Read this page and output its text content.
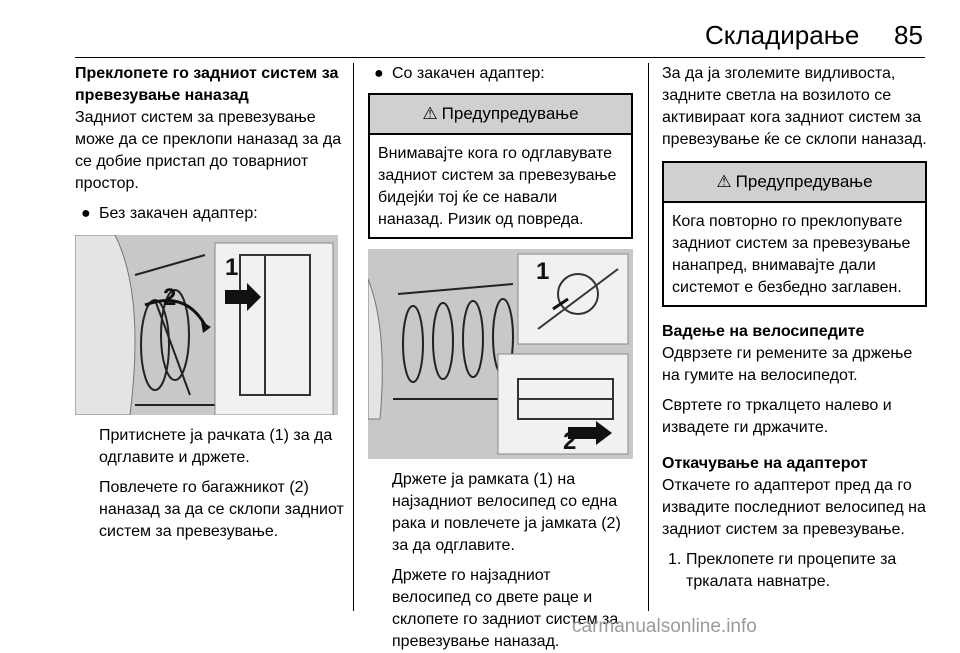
Складирање 85

Преклопете го задниот систем за превезување наназад

Задниот систем за превезување може да се преклопи наназад за да се добие пристап до товарниот простор.

● Без закачен адаптер:
1
2

Притиснете ја рачката (1) за да одглавите и држете.

Повлечете го багажникот (2) наназад за да се склопи задниот систем за превезување.

● Со закачен адаптер:
⚠ Предупредување
Внимавајте кога го одглавувате задниот систем за превезување бидејќи тој ќе се навали наназад. Ризик од повреда.
1
2

Држете ја рамката (1) на најзадниот велосипед со една рака и повлечете ја јамката (2) за да одглавите.

Држете го најзадниот велосипед со двете раце и склопете го задниот систем за превезување наназад.

За да ја зголемите видливоста, задните светла на возилото се активираат кога задниот систем за превезување ќе се склопи наназад.

⚠ Предупредување
Кога повторно го преклопувате задниот систем за превезување нанапред, внимавајте дали системот е безбедно заглавен.

Вадење на велосипедите

Одврзете ги ремените за држење на гумите на велосипедот.

Свртете го тркалцето налево и извадете ги држачите.

Откачување на адаптерот

Откачете го адаптерот пред да го извадите последниот велосипед на задниот систем за превезување.

1. Преклопете ги процепите за тркалата навнатре.
carmanualsonline.info
